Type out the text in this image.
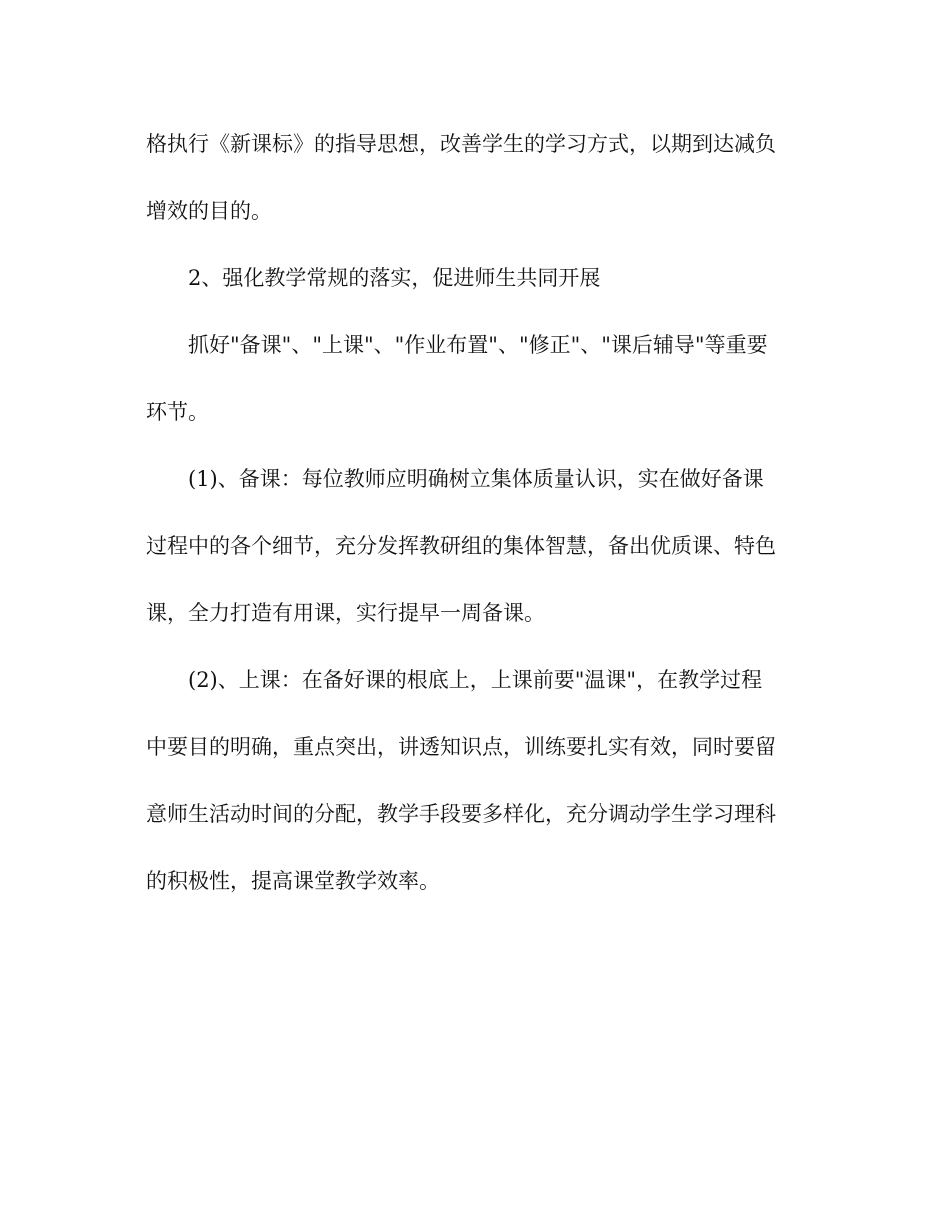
格执行《新课标》的指导思想，改善学生的学习方式，以期到达减负
增效的目的。
2、强化教学常规的落实，促进师生共同开展
抓好"备课"、"上课"、"作业布置"、"修正"、"课后辅导"等重要
环节。
(1)、备课：每位教师应明确树立集体质量认识，实在做好备课
过程中的各个细节，充分发挥教研组的集体智慧，备出优质课、特色
课，全力打造有用课，实行提早一周备课。
(2)、上课：在备好课的根底上，上课前要"温课"，在教学过程
中要目的明确，重点突出，讲透知识点，训练要扎实有效，同时要留
意师生活动时间的分配，教学手段要多样化，充分调动学生学习理科
的积极性，提高课堂教学效率。
